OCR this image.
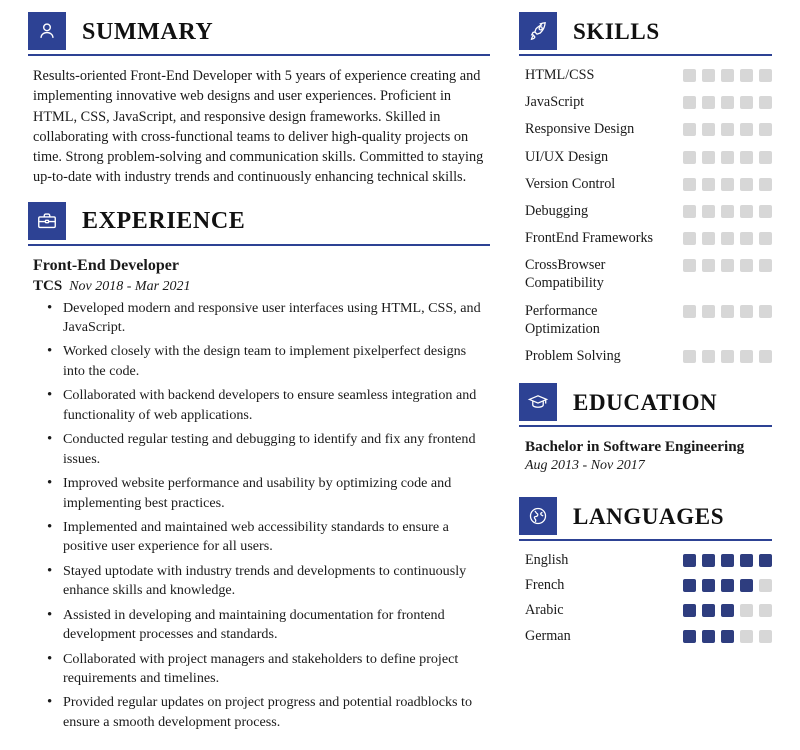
SUMMARY

Results-oriented Front-End Developer with 5 years of experience creating and implementing innovative web designs and user experiences. Proficient in HTML, CSS, JavaScript, and responsive design frameworks. Skilled in collaborating with cross-functional teams to deliver high-quality projects on time. Strong problem-solving and communication skills. Committed to staying up-to-date with industry trends and continuously enhancing technical skills.

EXPERIENCE
Front-End Developer
TCS Nov 2018 - Mar 2021
• Developed modern and responsive user interfaces using HTML, CSS, and JavaScript.
• Worked closely with the design team to implement pixelperfect designs into the code.
• Collaborated with backend developers to ensure seamless integration and functionality of web applications.
• Conducted regular testing and debugging to identify and fix any frontend issues.
• Improved website performance and usability by optimizing code and implementing best practices.
• Implemented and maintained web accessibility standards to ensure a positive user experience for all users.
• Stayed uptodate with industry trends and developments to continuously enhance skills and knowledge.
• Assisted in developing and maintaining documentation for frontend development processes and standards.
• Collaborated with project managers and stakeholders to define project requirements and timelines.
• Provided regular updates on project progress and potential roadblocks to ensure a smooth development process.
SKILLS
HTML/CSS
JavaScript
Responsive Design
UI/UX Design
Version Control
Debugging
FrontEnd Frameworks
CrossBrowser Compatibility
Performance Optimization
Problem Solving
EDUCATION
Bachelor in Software Engineering
Aug 2013 - Nov 2017
LANGUAGES
English
French
Arabic
German
